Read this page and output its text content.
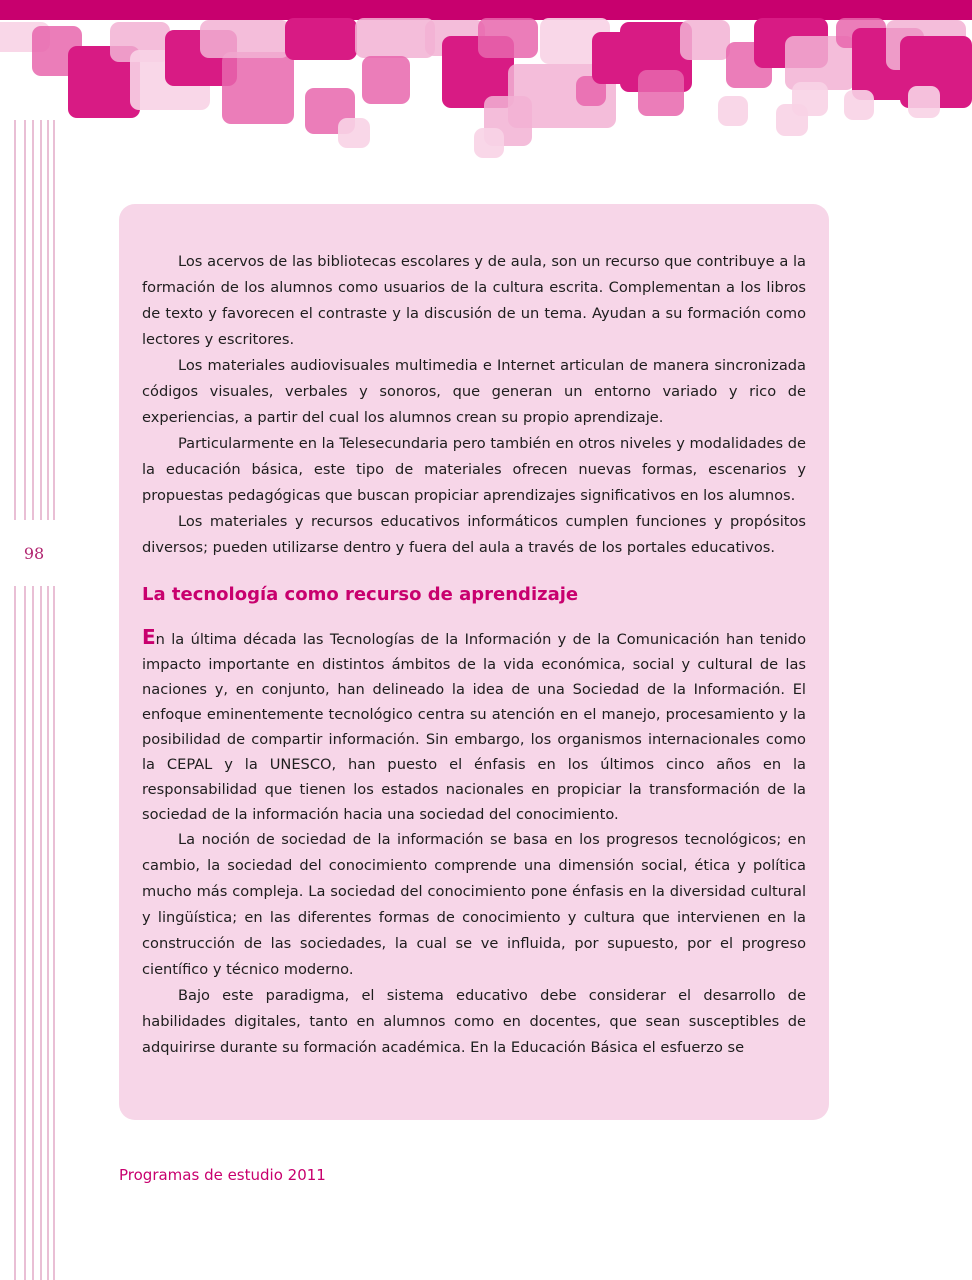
98

Los acervos de las bibliotecas escolares y de aula, son un recurso que contribuye a la formación de los alumnos como usuarios de la cultura escrita. Complementan a los libros de texto y favorecen el contraste y la discusión de un tema. Ayudan a su formación como lectores y escritores.

Los materiales audiovisuales multimedia e Internet articulan de manera sincronizada códigos visuales, verbales y sonoros, que generan un entorno variado y rico de experiencias, a partir del cual los alumnos crean su propio aprendizaje.

Particularmente en la Telesecundaria pero también en otros niveles y modalidades de la educación básica, este tipo de materiales ofrecen nuevas formas, escenarios y propuestas pedagógicas que buscan propiciar aprendizajes significativos en los alumnos.

Los materiales y recursos educativos informáticos cumplen funciones y propósitos diversos; pueden utilizarse dentro y fuera del aula a través de los portales educativos.

La tecnología como recurso de aprendizaje

En la última década las Tecnologías de la Información y de la Comunicación han tenido impacto importante en distintos ámbitos de la vida económica, social y cultural de las naciones y, en conjunto, han delineado la idea de una Sociedad de la Información. El enfoque eminentemente tecnológico centra su atención en el manejo, procesamiento y la posibilidad de compartir información. Sin embargo, los organismos internacionales como la CEPAL y la UNESCO, han puesto el énfasis en los últimos cinco años en la responsabilidad que tienen los estados nacionales en propiciar la transformación de la sociedad de la información hacia una sociedad del conocimiento.

La noción de sociedad de la información se basa en los progresos tecnológicos; en cambio, la sociedad del conocimiento comprende una dimensión social, ética y política mucho más compleja. La sociedad del conocimiento pone énfasis en la diversidad cultural y lingüística; en las diferentes formas de conocimiento y cultura que intervienen en la construcción de las sociedades, la cual se ve influida, por supuesto, por el progreso científico y técnico moderno.

Bajo este paradigma, el sistema educativo debe considerar el desarrollo de habilidades digitales, tanto en alumnos como en docentes, que sean susceptibles de adquirirse durante su formación académica. En la Educación Básica el esfuerzo se

Programas de estudio 2011
